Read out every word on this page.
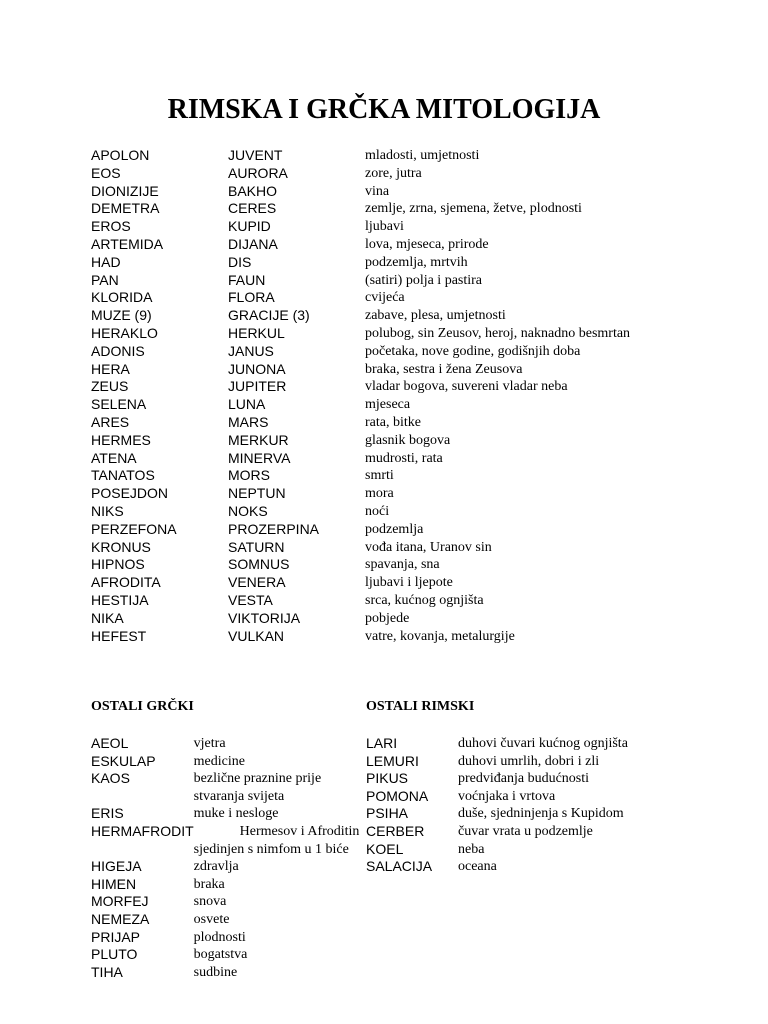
RIMSKA I GRČKA MITOLOGIJA
APOLON	JUVENT	mladosti, umjetnosti
EOS	AURORA	zore, jutra
DIONIZIJE	BAKHO	vina
DEMETRA	CERES	zemlje, zrna, sjemena, žetve, plodnosti
EROS	KUPID	ljubavi
ARTEMIDA	DIJANA	lova, mjeseca, prirode
HAD	DIS	podzemlja, mrtvih
PAN	FAUN	(satiri) polja i pastira
KLORIDA	FLORA	cvijeća
MUZE (9)	GRACIJE (3)	zabave, plesa, umjetnosti
HERAKLO	HERKUL	polubog, sin Zeusov, heroj, naknadno besmrtan
ADONIS	JANUS	početaka, nove godine, godišnjih doba
HERA	JUNONA	braka, sestra i žena Zeusova
ZEUS	JUPITER	vladar bogova, suvereni vladar neba
SELENA	LUNA	mjeseca
ARES	MARS	rata, bitke
HERMES	MERKUR	glasnik bogova
ATENA	MINERVA	mudrosti, rata
TANATOS	MORS	smrti
POSEJDON	NEPTUN	mora
NIKS	NOKS	noći
PERZEFONA	PROZERPINA	podzemlja
KRONUS	SATURN	vođa itana, Uranov sin
HIPNOS	SOMNUS	spavanja, sna
AFRODITA	VENERA	ljubavi i ljepote
HESTIJA	VESTA	srca, kućnog ognjišta
NIKA	VIKTORIJA	pobjede
HEFEST	VULKAN	vatre, kovanja, metalurgije
OSTALI GRČKI	OSTALI RIMSKI
AEOL	vjetra
ESKULAP	medicine
KAOS	bezlične praznine prije
	stvaranja svijeta
ERIS	muke i nesloge
HERMAFRODIT	Hermesov i Afroditin
	sjedinjen s nimfom u 1 biće
HIGEJA	zdravlja
HIMEN	braka
MORFEJ	snova
NEMEZA	osvete
PRIJAP	plodnosti
PLUTO	bogatstva
TIHA	sudbine
LARI	duhovi čuvari kućnog ognjišta
LEMURI	duhovi umrlih, dobri i zli
PIKUS	predviđanja budućnosti
POMONA	voćnjaka i vrtova
PSIHA	duše, sjedninjenja s Kupidom
CERBER	čuvar vrata u podzemlje
KOEL	neba
SALACIJA	oceana
